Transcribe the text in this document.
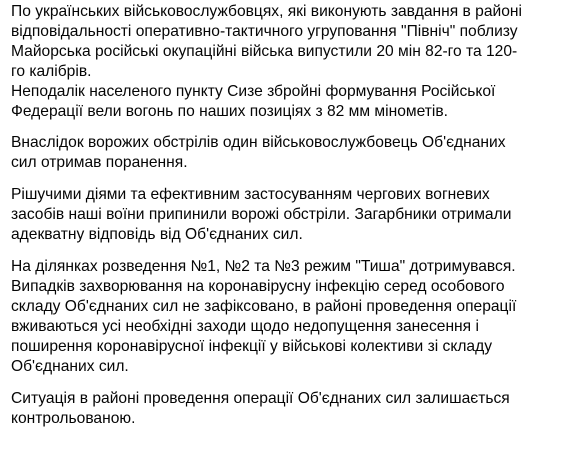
По українських військовослужбовцях, які виконують завдання в районі
відповідальності оперативно-тактичного угруповання "Північ" поблизу
Майорська російські окупаційні війська випустили 20 мін 82-го та 120-
го калібрів.
Неподалік населеного пункту Сизе збройні формування Російської
Федерації вели вогонь по наших позиціях з 82 мм мінометів.

Внаслідок ворожих обстрілів один військовослужбовець Об'єднаних
сил отримав поранення.

Рішучими діями та ефективним застосуванням чергових вогневих
засобів наші воїни припинили ворожі обстріли. Загарбники отримали
адекватну відповідь від Об'єднаних сил.

На ділянках розведення №1, №2 та №3 режим "Тиша" дотримувався.
Випадків захворювання на коронавірусну інфекцію серед особового
складу Об'єднаних сил не зафіксовано, в районі проведення операції
вживаються усі необхідні заходи щодо недопущення занесення і
поширення коронавірусної інфекції у військові колективи зі складу
Об'єднаних сил.

Ситуація в районі проведення операції Об'єднаних сил залишається
контрольованою.
